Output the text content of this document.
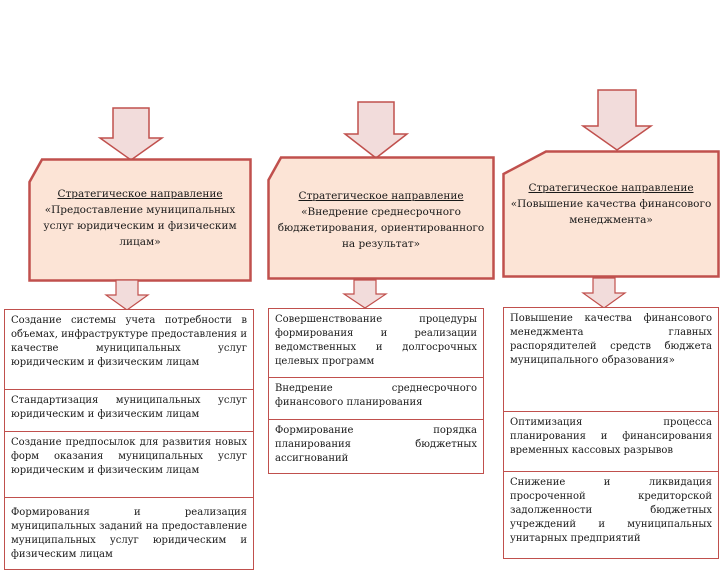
Стратегическое направление
«Предоставление муниципальных услуг юридическим и физическим лицам»
Стратегическое направление
«Внедрение среднесрочного бюджетирования, ориентированного на результат»
Стратегическое направление
«Повышение качества финансового менеджмента»
Создание системы учета потребности в объемах, инфраструктуре предоставления и качестве муниципальных услуг юридическим и физическим лицам
Стандартизация муниципальных услуг юридическим и физическим лицам
Создание предпосылок для развития новых форм оказания муниципальных услуг юридическим и физическим лицам
Формирования и реализация муниципальных заданий на предоставление муниципальных услуг юридическим и физическим лицам
Совершенствование процедуры формирования и реализации ведомственных и долгосрочных целевых программ
Внедрение среднесрочного финансового планирования
Формирование порядка планирования бюджетных ассигнований
Повышение качества финансового менеджмента главных распорядителей средств бюджета муниципального образования»
Оптимизация процесса планирования и финансирования временных кассовых разрывов
Снижение и ликвидация просроченной кредиторской задолженности бюджетных учреждений и муниципальных унитарных предприятий
